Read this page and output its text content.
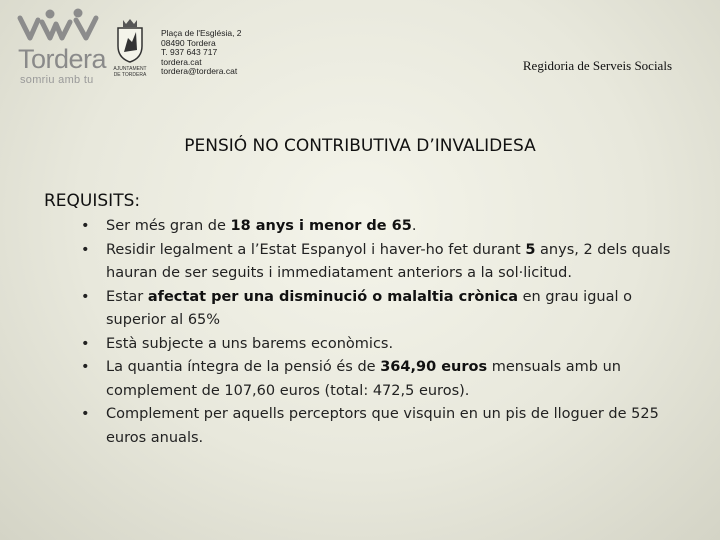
Tordera
somriu amb tu
AJUNTAMENT
DE TORDERA
Plaça de l'Església, 2
08490 Tordera
T. 937 643 717
tordera.cat
tordera@tordera.cat	Regidoria de Serveis Socials
PENSIÓ NO CONTRIBUTIVA D’INVALIDESA
REQUISITS:
• Ser més gran de 18 anys i menor de 65.
• Residir legalment a l’Estat Espanyol i haver-ho fet durant 5 anys, 2 dels quals hauran de ser seguits i immediatament anteriors a la sol·licitud.
• Estar afectat per una disminució o malaltia crònica en grau igual o superior al 65%
• Està subjecte a uns barems econòmics.
• La quantia íntegra de la pensió és de 364,90 euros mensuals amb un complement de 107,60 euros (total: 472,5 euros).
• Complement per aquells perceptors que visquin en un pis de lloguer de 525 euros anuals.
